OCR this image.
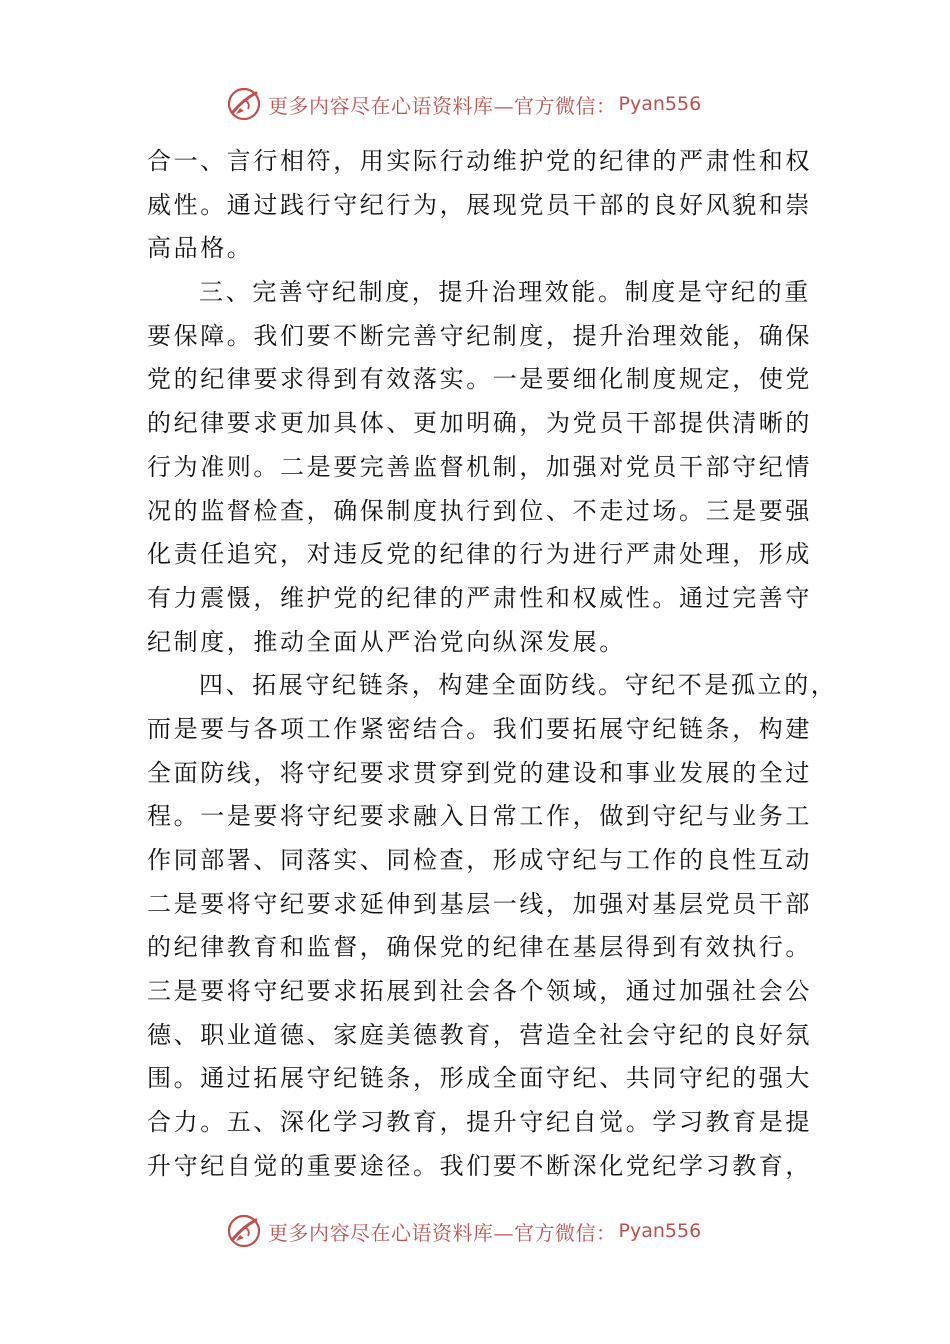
更多内容尽在心语资料库—官方微信： Pyan556
合一、言行相符，用实际行动维护党的纪律的严肃性和权
威性。通过践行守纪行为，展现党员干部的良好风貌和崇
高品格。
三、完善守纪制度，提升治理效能。制度是守纪的重
要保障。我们要不断完善守纪制度，提升治理效能，确保
党的纪律要求得到有效落实。一是要细化制度规定，使党
的纪律要求更加具体、更加明确，为党员干部提供清晰的
行为准则。二是要完善监督机制，加强对党员干部守纪情
况的监督检查，确保制度执行到位、不走过场。三是要强
化责任追究，对违反党的纪律的行为进行严肃处理，形成
有力震慑，维护党的纪律的严肃性和权威性。通过完善守
纪制度，推动全面从严治党向纵深发展。
四、拓展守纪链条，构建全面防线。守纪不是孤立的，
而是要与各项工作紧密结合。我们要拓展守纪链条，构建
全面防线，将守纪要求贯穿到党的建设和事业发展的全过
程。一是要将守纪要求融入日常工作，做到守纪与业务工
作同部署、同落实、同检查，形成守纪与工作的良性互动
二是要将守纪要求延伸到基层一线，加强对基层党员干部
的纪律教育和监督，确保党的纪律在基层得到有效执行。
三是要将守纪要求拓展到社会各个领域，通过加强社会公
德、职业道德、家庭美德教育，营造全社会守纪的良好氛
围。通过拓展守纪链条，形成全面守纪、共同守纪的强大
合力。五、深化学习教育，提升守纪自觉。学习教育是提
升守纪自觉的重要途径。我们要不断深化党纪学习教育，
更多内容尽在心语资料库—官方微信： Pyan556
